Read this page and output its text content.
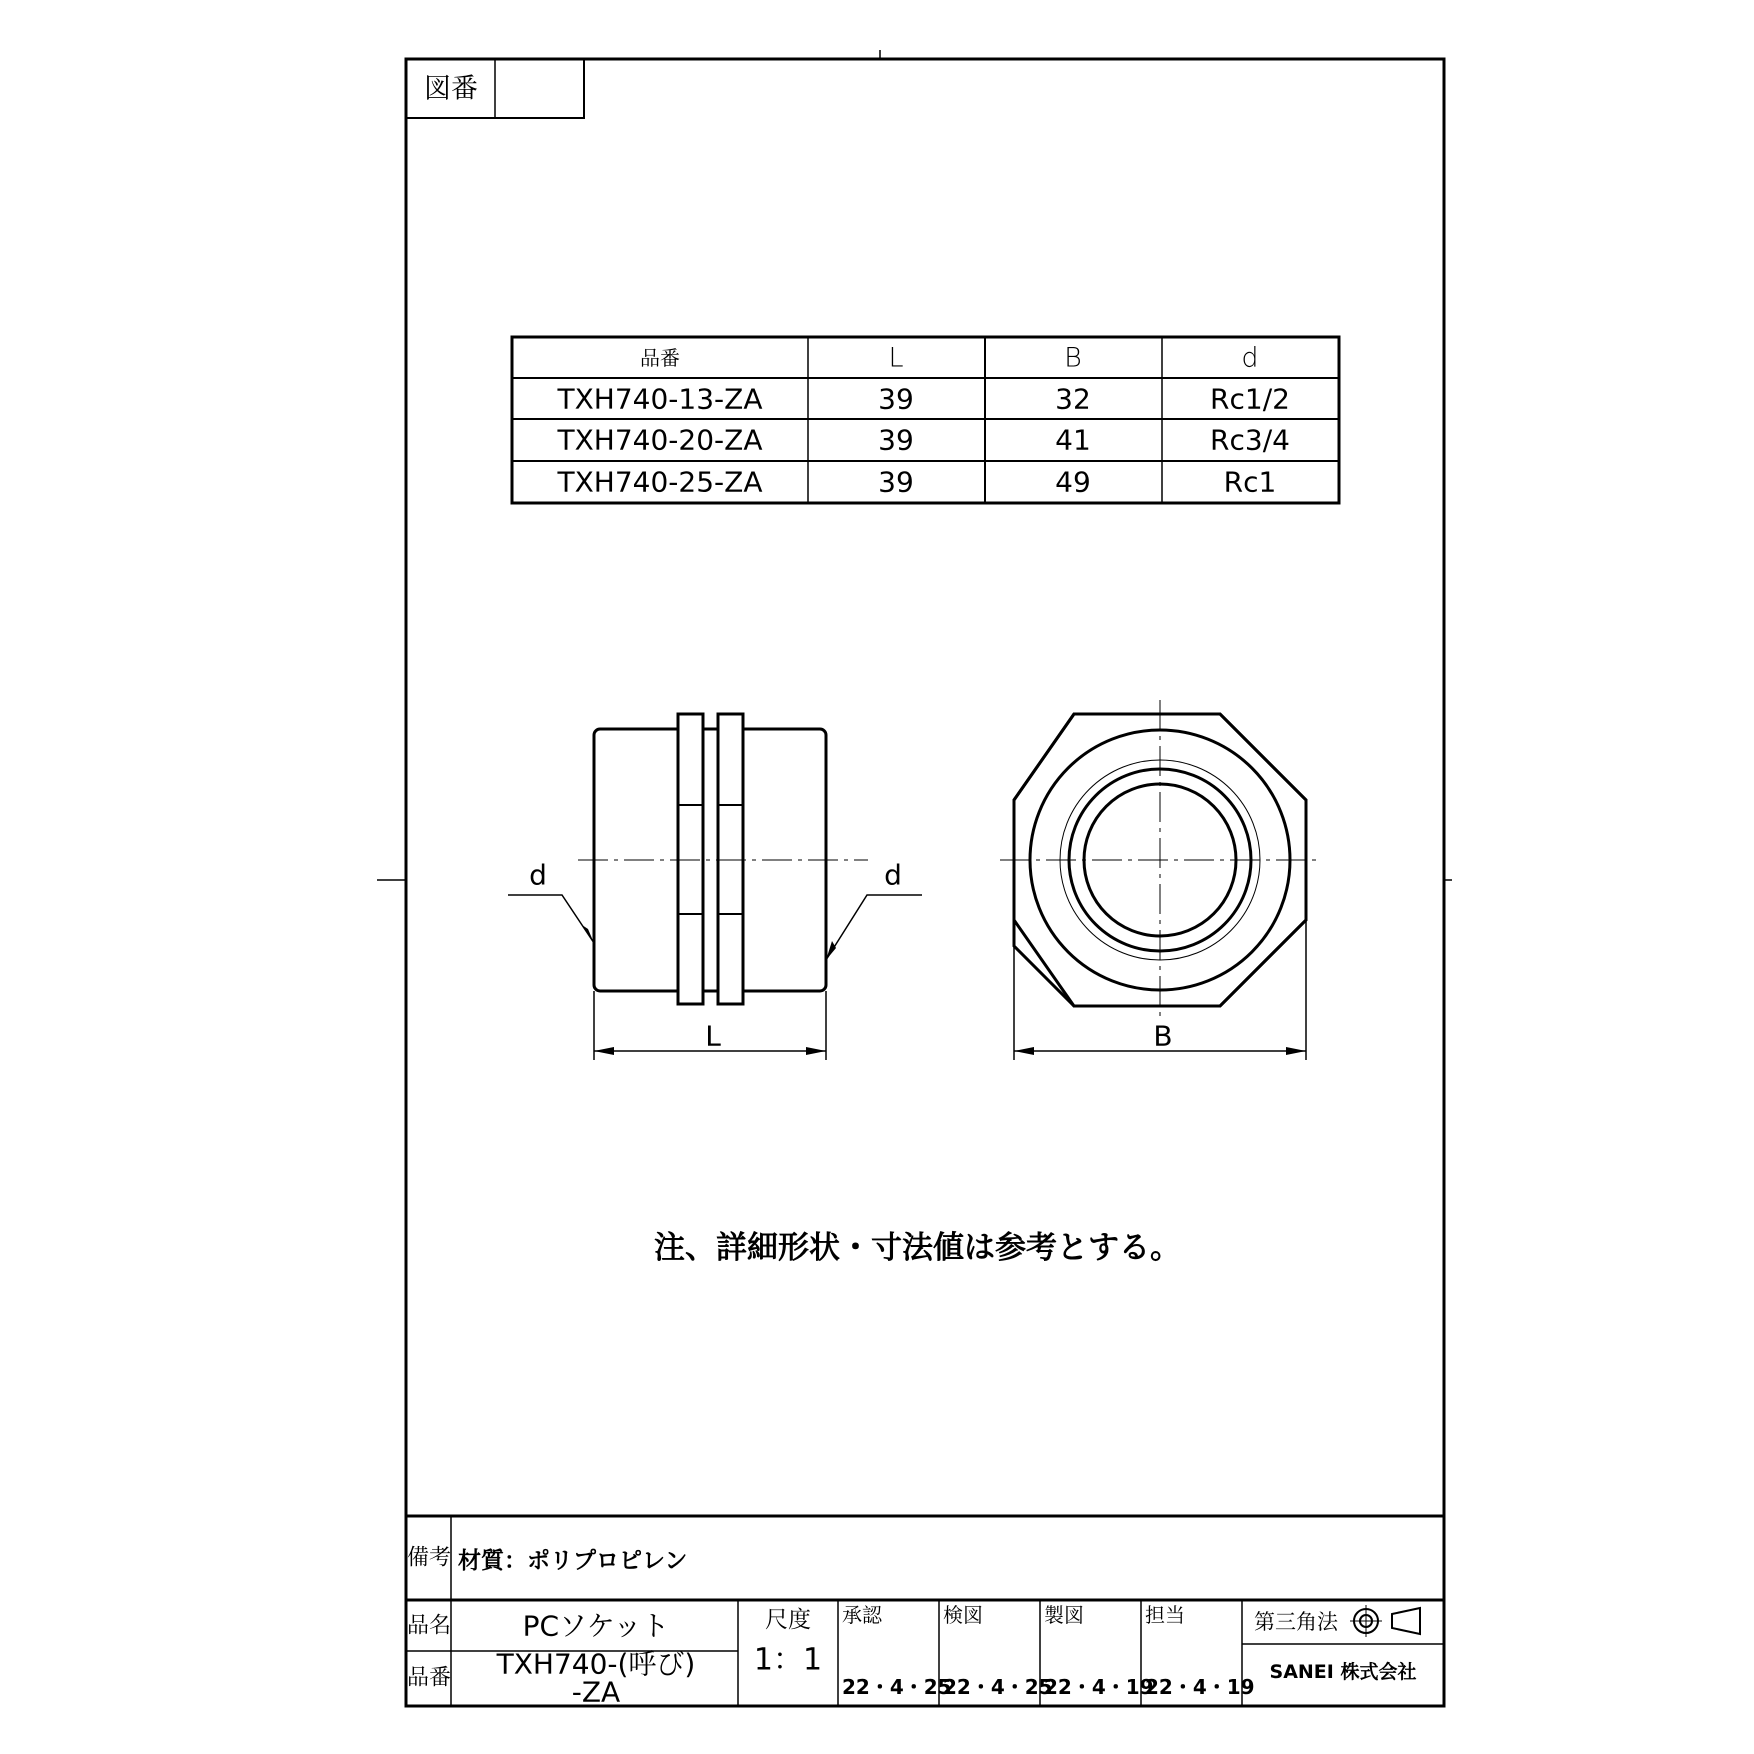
図番
品番	L	B	d
TXH740-13-ZA	39	32	Rc1/2
TXH740-20-ZA	39	41	Rc3/4
TXH740-25-ZA	39	49	Rc1
d	d
L	B
注、詳細形状・寸法値は参考とする。
備考 材質：ポリプロピレン
品名	PCソケット
品番 TXH740-(呼び)
-ZA
尺度
1：1
承認
22・4・25
検図
22・4・25
製図
22・4・19
担当
22・4・19
第三角法
SANEI 株式会社
